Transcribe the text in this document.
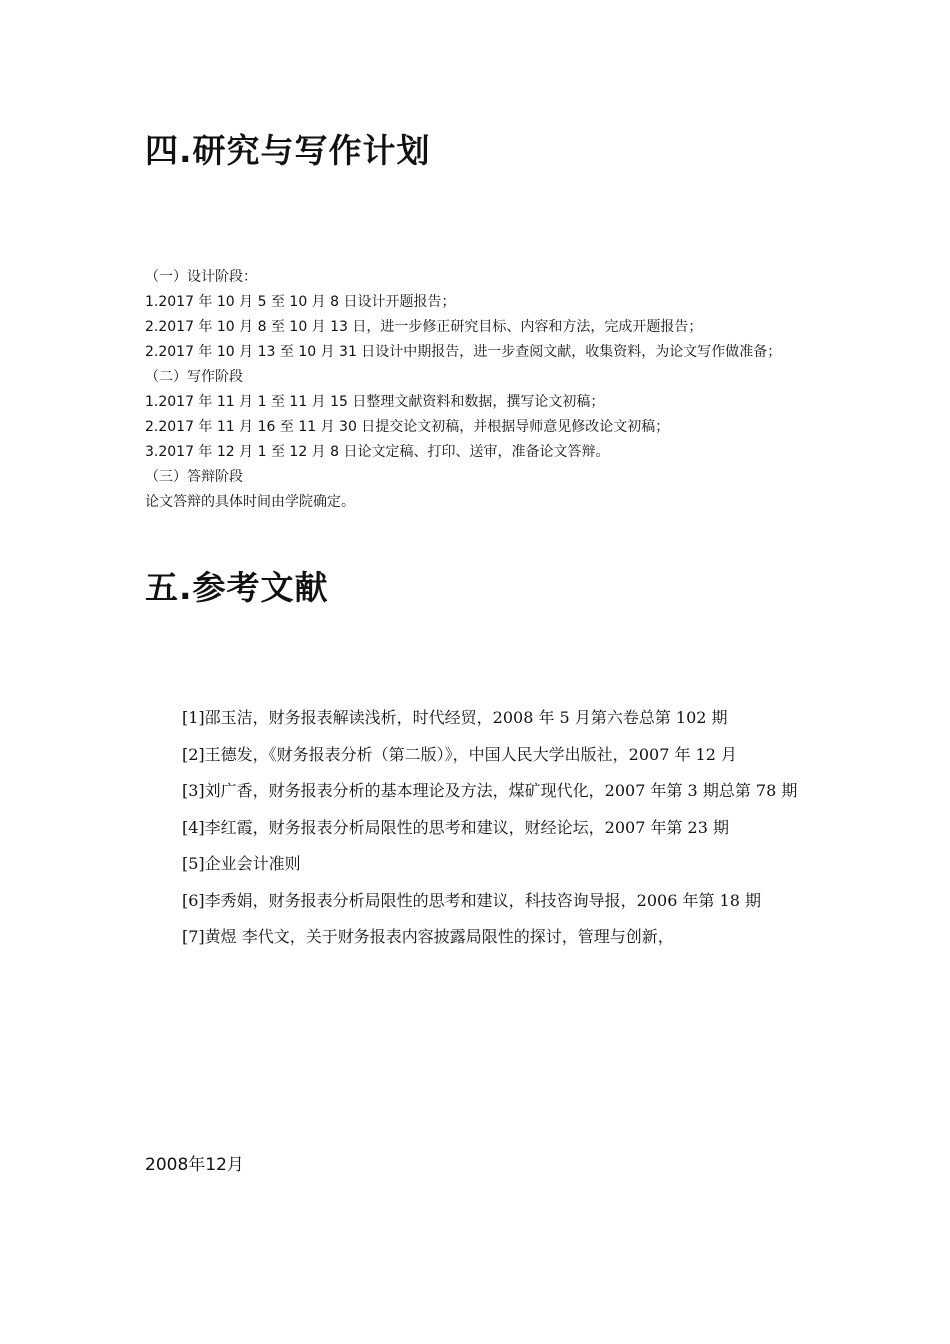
四.研究与写作计划
（一）设计阶段：
1.2017 年 10 月 5 至 10 月 8 日设计开题报告；
2.2017 年 10 月 8 至 10 月 13 日，进一步修正研究目标、内容和方法，完成开题报告；
2.2017 年 10 月 13 至 10 月 31 日设计中期报告，进一步查阅文献，收集资料，为论文写作做准备；
（二）写作阶段
1.2017 年 11 月 1 至 11 月 15 日整理文献资料和数据，撰写论文初稿；
2.2017 年 11 月 16 至 11 月 30 日提交论文初稿，并根据导师意见修改论文初稿；
3.2017 年 12 月 1 至 12 月 8 日论文定稿、打印、送审，准备论文答辩。
（三）答辩阶段
论文答辩的具体时间由学院确定。
五.参考文献
[1]邵玉洁，财务报表解读浅析，时代经贸，2008 年 5 月第六卷总第 102 期
[2]王德发，《财务报表分析（第二版）》，中国人民大学出版社，2007 年 12 月
[3]刘广香，财务报表分析的基本理论及方法，煤矿现代化，2007 年第 3 期总第 78 期
[4]李红霞，财务报表分析局限性的思考和建议，财经论坛，2007 年第 23 期
[5]企业会计准则
[6]李秀娟，财务报表分析局限性的思考和建议，科技咨询导报，2006 年第 18 期
[7]黄煜 李代文，关于财务报表内容披露局限性的探讨，管理与创新，
2008年12月
